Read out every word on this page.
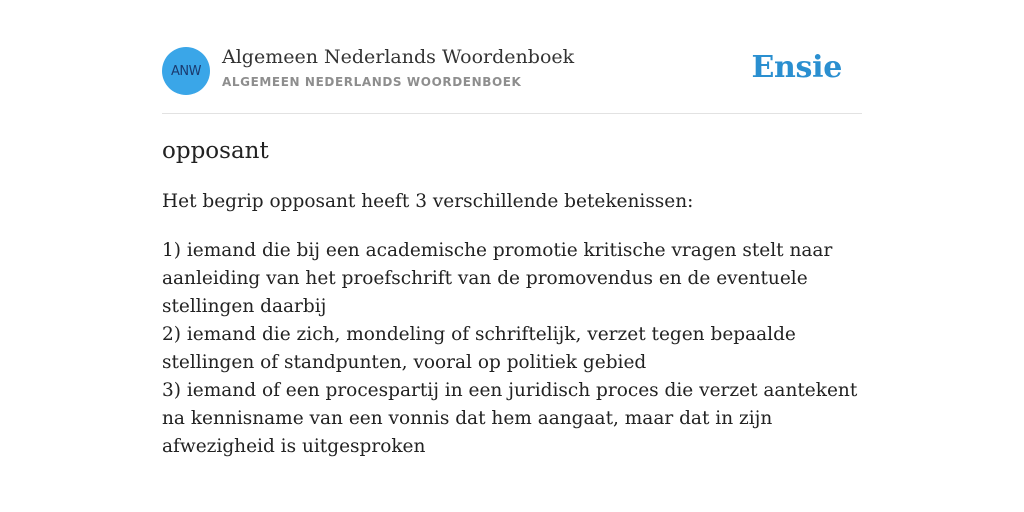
ANW
Algemeen Nederlands Woordenboek
ALGEMEEN NEDERLANDS WOORDENBOEK	Ensie
opposant

Het begrip opposant heeft 3 verschillende betekenissen:

1) iemand die bij een academische promotie kritische vragen stelt naar aanleiding van het proefschrift van de promovendus en de eventuele stellingen daarbij
2) iemand die zich, mondeling of schriftelijk, verzet tegen bepaalde stellingen of standpunten, vooral op politiek gebied
3) iemand of een procespartij in een juridisch proces die verzet aantekent na kennisname van een vonnis dat hem aangaat, maar dat in zijn afwezigheid is uitgesproken
